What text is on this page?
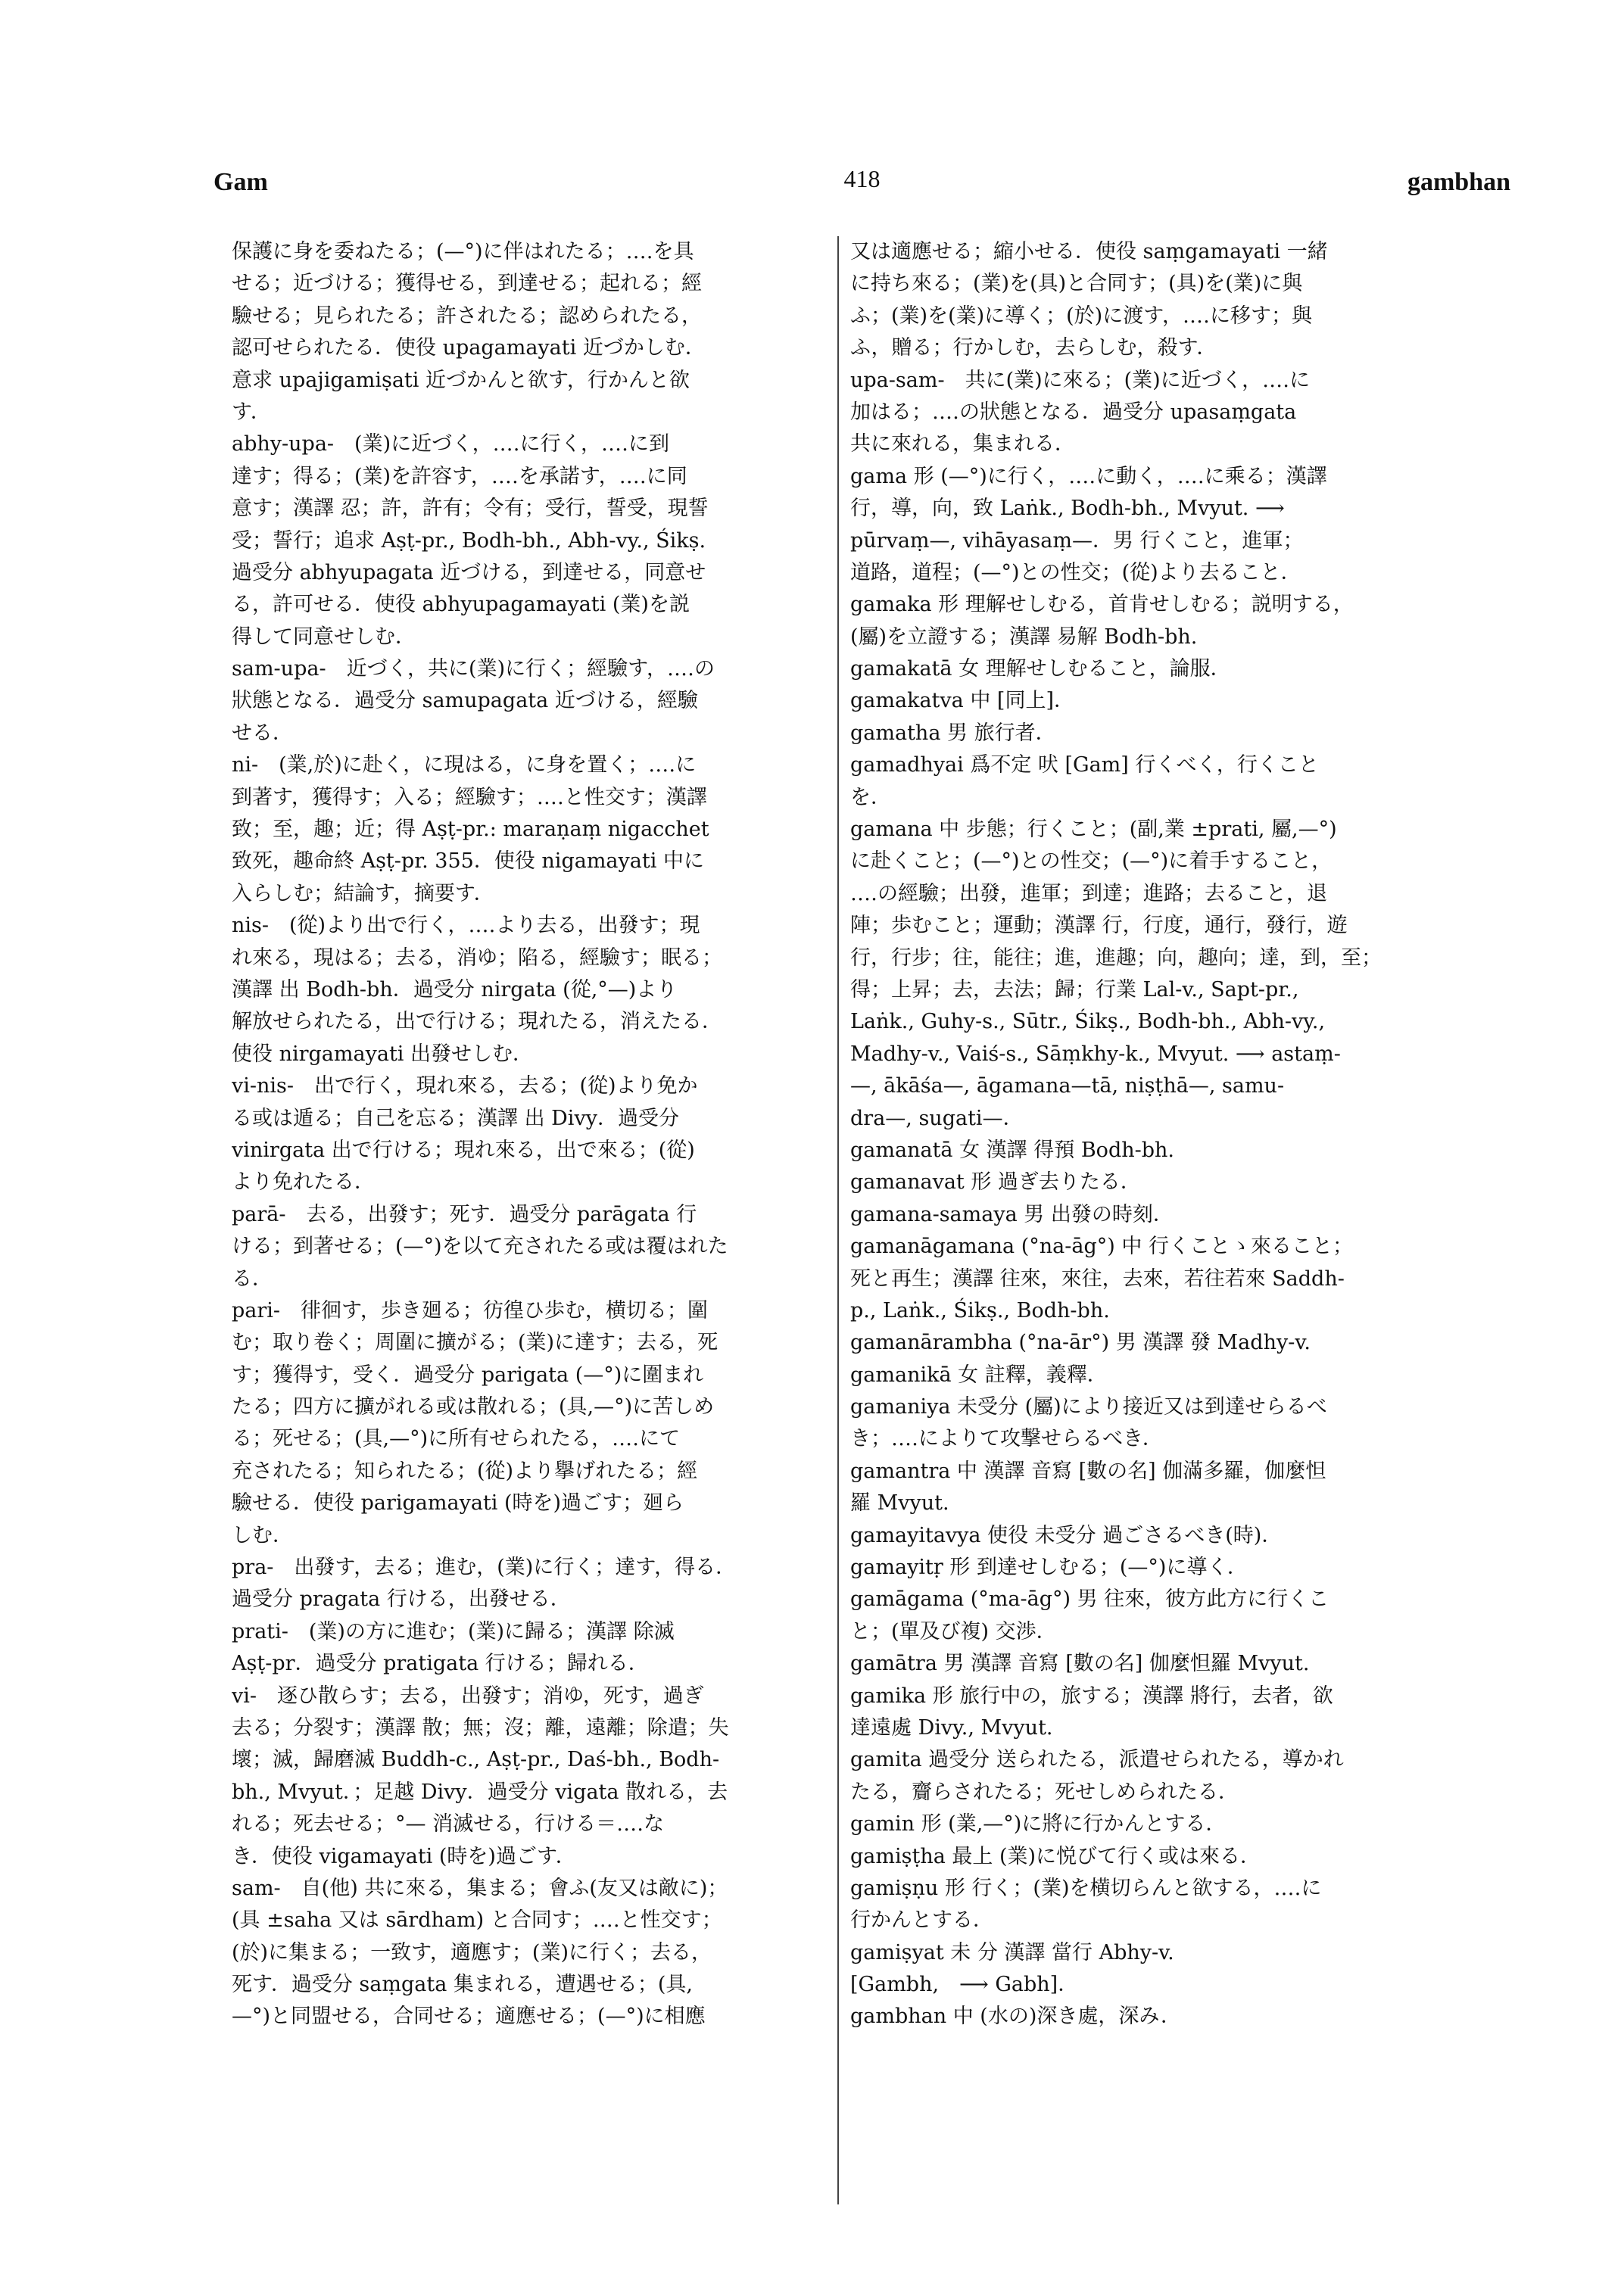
Gam	418	gambhan
保護に身を委ねたる；(—°)に伴はれたる；‥‥を具
せる；近づける；獲得せる，到達せる；起れる；經
驗せる；見られたる；許されたる；認められたる，
認可せられたる．使役 upagamayati 近づかしむ．
意求 upajigamiṣati 近づかんと欲す，行かんと欲
す．
abhy-upa-　(業)に近づく，‥‥に行く，‥‥に到
達す；得る；(業)を許容す，‥‥を承諾す，‥‥に同
意す；漢譯 忍；許，許有；令有；受行，誓受，現誓
受；誓行；追求 Aṣṭ-pr., Bodh-bh., Abh-vy., Śikṣ.
過受分 abhyupagata 近づける，到達せる，同意せ
る，許可せる．使役 abhyupagamayati (業)を説
得して同意せしむ．
sam-upa-　近づく，共に(業)に行く；經驗す，‥‥の
狀態となる．過受分 samupagata 近づける，經驗
せる．
ni-　(業,於)に赴く，に現はる，に身を置く；‥‥に
到著す，獲得す；入る；經驗す；‥‥と性交す；漢譯
致；至，趣；近；得 Aṣṭ-pr.: maraṇaṃ nigacchet
致死，趣命終 Aṣṭ-pr. 355．使役 nigamayati 中に
入らしむ；結論す，摘要す．
nis-　(從)より出で行く，‥‥より去る，出發す；現
れ來る，現はる；去る，消ゆ；陷る，經驗す；眠る；
漢譯 出 Bodh-bh．過受分 nirgata (從,°—)より
解放せられたる，出で行ける；現れたる，消えたる．
使役 nirgamayati 出發せしむ．
vi-nis-　出で行く，現れ來る，去る；(從)より免か
る或は遁る；自己を忘る；漢譯 出 Divy．過受分
vinirgata 出で行ける；現れ來る，出で來る；(從)
より免れたる．
parā-　去る，出發す；死す．過受分 parāgata 行
ける；到著せる；(—°)を以て充されたる或は覆はれた
る．
pari-　徘徊す，歩き廻る；彷徨ひ歩む，横切る；圍
む；取り卷く；周圍に擴がる；(業)に達す；去る，死
す；獲得す，受く．過受分 parigata (—°)に圍まれ
たる；四方に擴がれる或は散れる；(具,—°)に苦しめ
る；死せる；(具,—°)に所有せられたる，‥‥にて
充されたる；知られたる；(從)より擧げれたる；經
驗せる．使役 parigamayati (時を)過ごす；廻ら
しむ．
pra-　出發す，去る；進む，(業)に行く；達す，得る．
過受分 pragata 行ける，出發せる．
prati-　(業)の方に進む；(業)に歸る；漢譯 除滅
Aṣṭ-pr．過受分 pratigata 行ける；歸れる．
vi-　逐ひ散らす；去る，出發す；消ゆ，死す，過ぎ
去る；分裂す；漢譯 散；無；沒；離，遠離；除遣；失
壞；滅，歸磨滅 Buddh-c., Aṣṭ-pr., Daś-bh., Bodh-
bh., Mvyut．；足越 Divy．過受分 vigata 散れる，去
れる；死去せる；°— 消滅せる，行ける＝‥‥な
き．使役 vigamayati (時を)過ごす．
sam-　自(他) 共に來る，集まる；會ふ(友又は敵に)；
(具 ±saha 又は sārdham) と合同す；‥‥と性交す；
(於)に集まる；一致す，適應す；(業)に行く；去る，
死す．過受分 saṃgata 集まれる，遭遇せる；(具,
—°)と同盟せる，合同せる；適應せる；(—°)に相應
又は適應せる；縮小せる．使役 saṃgamayati 一緒
に持ち來る；(業)を(具)と合同す；(具)を(業)に與
ふ；(業)を(業)に導く；(於)に渡す，‥‥に移す；與
ふ，贈る；行かしむ，去らしむ，殺す．
upa-sam-　共に(業)に來る；(業)に近づく，‥‥に
加はる；‥‥の狀態となる．過受分 upasaṃgata
共に來れる，集まれる．
gama 形 (—°)に行く，‥‥に動く，‥‥に乘る；漢譯
行，導，向，致 Laṅk., Bodh-bh., Mvyut. ⟶
pūrvaṃ—, vihāyasaṃ—．男 行くこと，進軍；
道路，道程；(—°)との性交；(從)より去ること．
gamaka 形 理解せしむる，首肯せしむる；説明する，
(屬)を立證する；漢譯 易解 Bodh-bh.
gamakatā 女 理解せしむること，論服．
gamakatva 中 [同上]．
gamatha 男 旅行者．
gamadhyai 爲不定 吠 [Gam] 行くべく，行くこと
を．
gamana 中 步態；行くこと；(副,業 ±prati, 屬,—°)
に赴くこと；(—°)との性交；(—°)に着手すること，
‥‥の經驗；出發，進軍；到達；進路；去ること，退
陣；歩むこと；運動；漢譯 行，行度，通行，發行，遊
行，行步；往，能往；進，進趣；向，趣向；達，到，至；
得；上昇；去，去法；歸；行業 Lal-v., Sapt-pr.,
Laṅk., Guhy-s., Sūtr., Śikṣ., Bodh-bh., Abh-vy.,
Madhy-v., Vaiś-s., Sāṃkhy-k., Mvyut. ⟶ astaṃ-
—, ākāśa—, āgamana—tā, niṣṭhā—, samu-
dra—, sugati—．
gamanatā 女 漢譯 得預 Bodh-bh.
gamanavat 形 過ぎ去りたる．
gamana-samaya 男 出發の時刻．
gamanāgamana (°na-āg°) 中 行くことゝ來ること；
死と再生；漢譯 往來，來往，去來，若往若來 Saddh-
p., Laṅk., Śikṣ., Bodh-bh.
gamanārambha (°na-ār°) 男 漢譯 發 Madhy-v.
gamanikā 女 註釋，義釋．
gamaniya 未受分 (屬)により接近又は到達せらるべ
き；‥‥によりて攻撃せらるべき．
gamantra 中 漢譯 音寫 [數の名] 伽滿多羅，伽麼怛
羅 Mvyut.
gamayitavya 使役 未受分 過ごさるべき(時)．
gamayitṛ 形 到達せしむる；(—°)に導く．
gamāgama (°ma-āg°) 男 往來，彼方此方に行くこ
と；(單及び複) 交渉．
gamātra 男 漢譯 音寫 [數の名] 伽麼怛羅 Mvyut.
gamika 形 旅行中の，旅する；漢譯 將行，去者，欲
達遠處 Divy., Mvyut.
gamita 過受分 送られたる，派遣せられたる，導かれ
たる，齎らされたる；死せしめられたる．
gamin 形 (業,—°)に將に行かんとする．
gamiṣṭha 最上 (業)に悦びて行く或は來る．
gamiṣṇu 形 行く；(業)を横切らんと欲する，‥‥に
行かんとする．
gamiṣyat 未 分 漢譯 當行 Abhy-v.
[Gambh,　⟶ Gabh]．
gambhan 中 (水の)深き處，深み．
